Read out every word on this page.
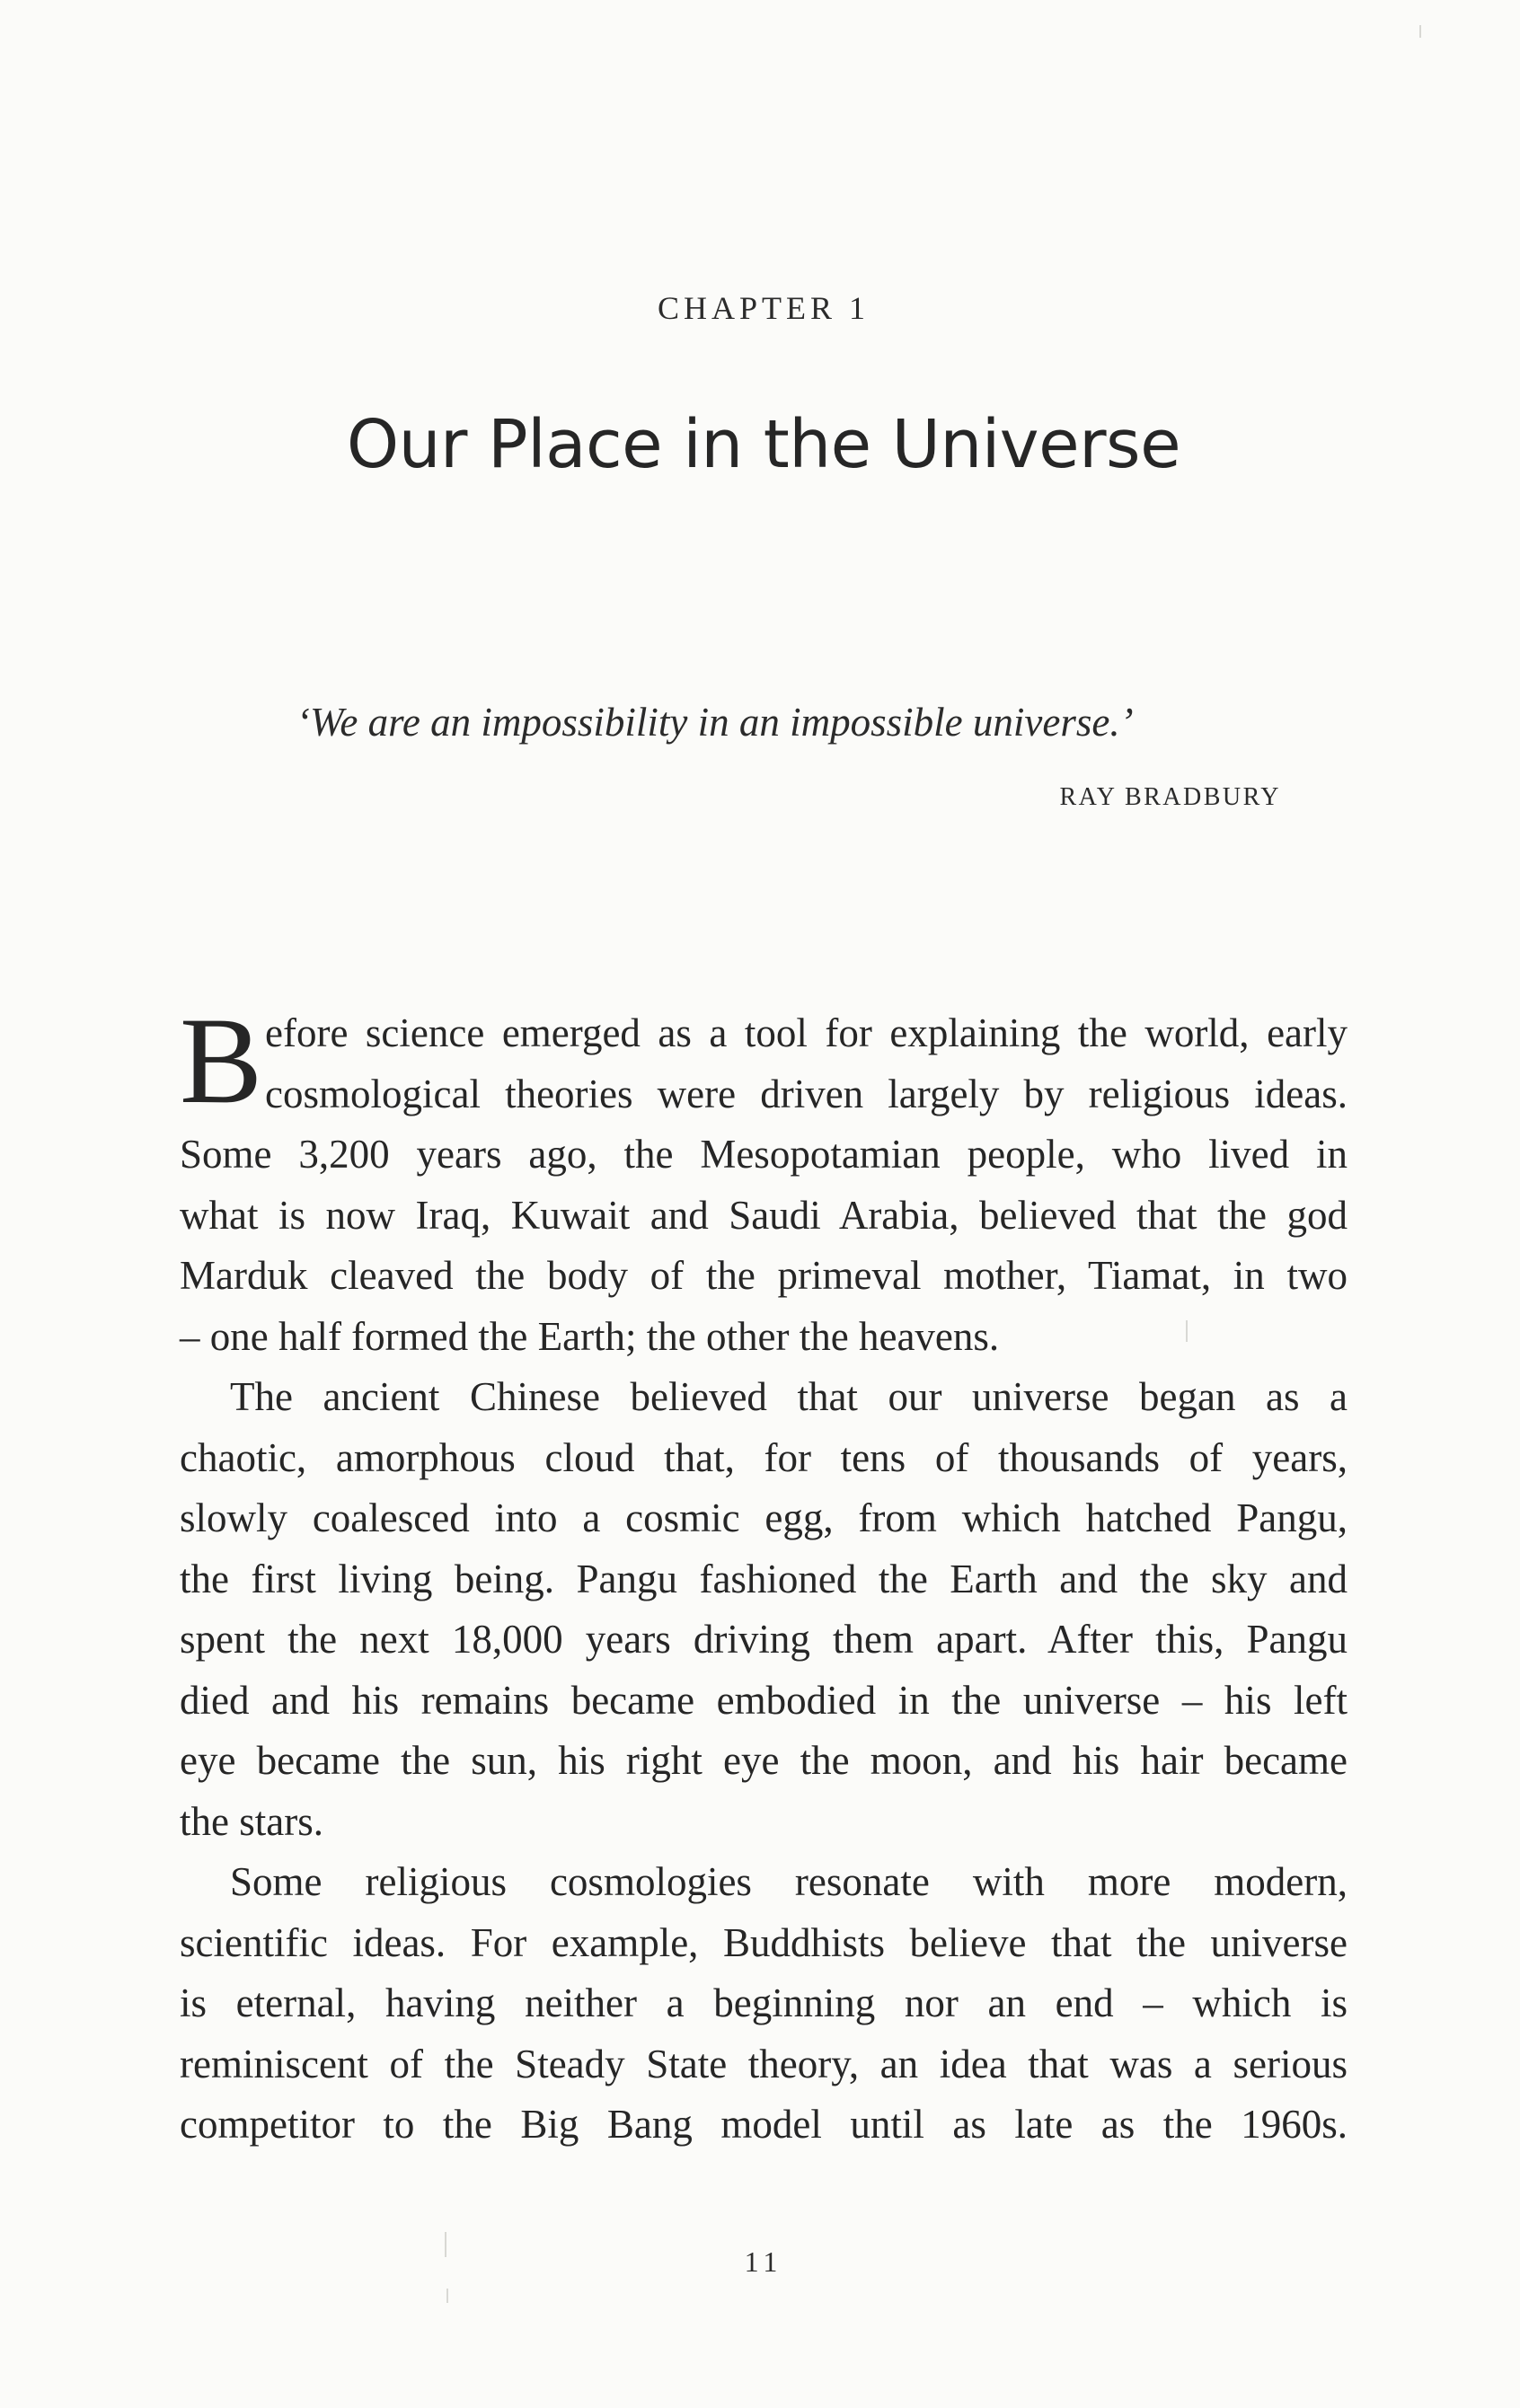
CHAPTER 1
Our Place in the Universe
‘We are an impossibility in an impossible universe.’
RAY BRADBURY
B efore science emerged as a tool for explaining the world, early
cosmological theories were driven largely by religious ideas.
Some 3,200 years ago, the Mesopotamian people, who lived in
what is now Iraq, Kuwait and Saudi Arabia, believed that the god
Marduk cleaved the body of the primeval mother, Tiamat, in two
– one half formed the Earth; the other the heavens.
The ancient Chinese believed that our universe began as a
chaotic, amorphous cloud that, for tens of thousands of years,
slowly coalesced into a cosmic egg, from which hatched Pangu,
the first living being. Pangu fashioned the Earth and the sky and
spent the next 18,000 years driving them apart. After this, Pangu
died and his remains became embodied in the universe – his left
eye became the sun, his right eye the moon, and his hair became
the stars.
Some religious cosmologies resonate with more modern,
scientific ideas. For example, Buddhists believe that the universe
is eternal, having neither a beginning nor an end – which is
reminiscent of the Steady State theory, an idea that was a serious
competitor to the Big Bang model until as late as the 1960s.
11
